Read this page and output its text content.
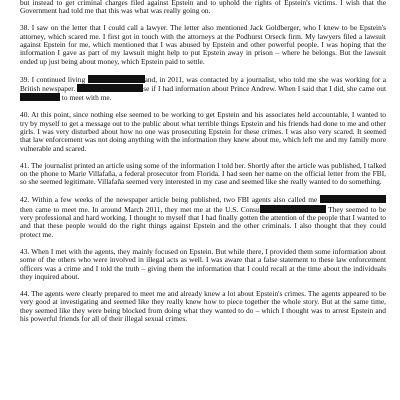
but instead to get criminal charges filed against Epstein and to uphold the rights of Epstein's victims. I wish that the Government had told me that this was what was really going on.

38. I saw on the letter that I could call a lawyer. The letter also mentioned Jack Goldberger, who I knew to be Epstein's attorney, which scared me. I first got in touch with the attorneys at the Podhurst Orseck firm. My lawyers filed a lawsuit against Epstein for me, which mentioned that I was abused by Epstein and other powerful people. I was hoping that the information I gave as part of my lawsuit might help to put Epstein away in prison – where he belongs. But the lawsuit ended up just being about money, which Epstein paid to settle.

39. I continued living	and, in 2011, was contacted by a journalist, who told me she was working for a British newspaper.	se if I had information about Prince Andrew. When I said that I did, she came out  to meet with me.

40. At this point, since nothing else seemed to be working to get Epstein and his associates held accountable, I wanted to try by myself to get a message out to the public about what terrible things Epstein and his friends had done to me and other girls. I was very disturbed about how no one was prosecuting Epstein for these crimes. I was also very scared. It seemed that law enforcement was not doing anything with the information they knew about me, which left me and my family more vulnerable and scared.

41. The journalist printed an article using some of the information I told her. Shortly after the article was published, I talked on the phone to Marie Villafaña, a federal prosecutor from Florida. I had seen her name on the official letter from the FBI, so she seemed legitimate. Villafaña seemed very interested in my case and seemed like she really wanted to do something.

42. Within a few weeks of the newspaper article being published, two FBI agents also called me  then came to meet me. In around March 2011, they met me at the U.S. Consu	They seemed to be very professional and hard working. I thought to myself that I had finally gotten the attention of the people that I wanted to and that these people would do the right things against Epstein and the other criminals. I also thought that they could protect me.

43. When I met with the agents, they mainly focused on Epstein. But while there, I provided them some information about some of the others who were involved in illegal acts as well. I was aware that a false statement to these law enforcement officers was a crime and I told the truth – giving them the information that I could recall at the time about the individuals they inquired about.

44. The agents were clearly prepared to meet me and already knew a lot about Epstein's crimes. The agents appeared to be very good at investigating and seemed like they really knew how to piece together the whole story. But at the same time, they seemed like they were being blocked from doing what they wanted to do – which I thought was to arrest Epstein and his powerful friends for all of their illegal sexual crimes.
